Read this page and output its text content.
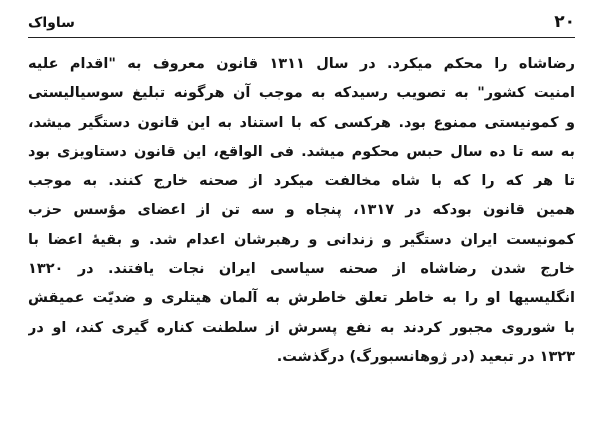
۲۰
ساواک
رضاشاه را محکم میکرد. در سال ۱۳۱۱ قانون معروف به "اقدام علیه
امنیت کشور" به تصویب رسیدکه به موجب آن هرگونه تبلیغ سوسیالیستی
و کمونیستی ممنوع بود. هرکسی که با استناد به این قانون دستگیر میشد،
به سه تا ده سال حبس محکوم میشد. فی الواقع، این قانون دستاویزی بود
تا هر که را که با شاه مخالفت میکرد از صحنه خارج کنند. به موجب
همین قانون بودکه در ۱۳۱۷، پنجاه و سه تن از اعضای مؤسس حزب
کمونیست ایران دستگیر و زندانی و رهبرشان اعدام شد. و بقیهٔ اعضا با
خارج شدن رضاشاه از صحنه سیاسی ایران نجات یافتند. در ۱۳۲۰
انگلیسیها او را به خاطر تعلق خاطرش به آلمان هیتلری و ضدیّت عمیقش
با شوروی مجبور کردند به نفع پسرش از سلطنت کناره گیری کند، او در
۱۳۲۳ در تبعید (در ژوهانسبورگ) درگذشت.
